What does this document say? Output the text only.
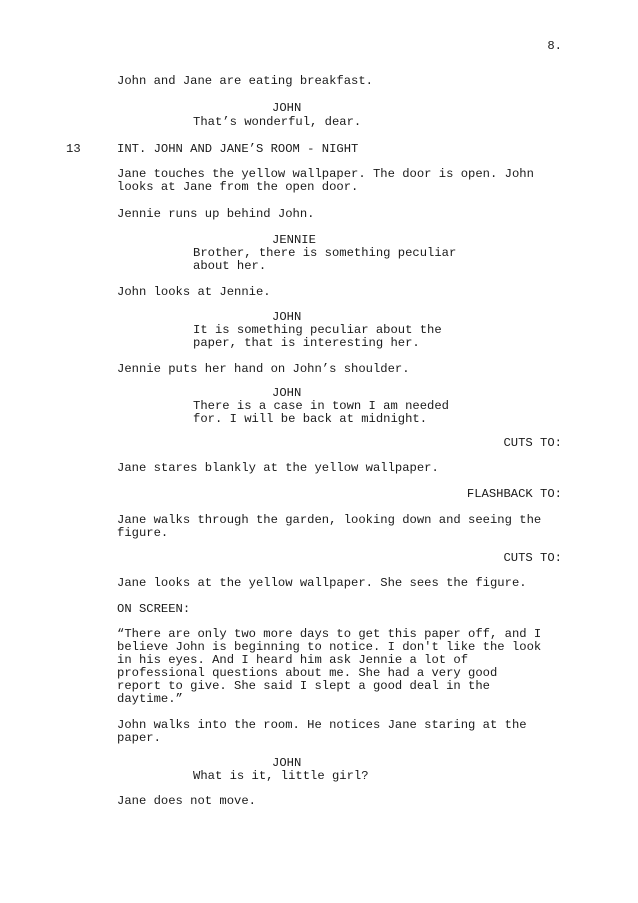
8.
John and Jane are eating breakfast.
JOHN
That’s wonderful, dear.
13	INT. JOHN AND JANE’S ROOM - NIGHT
Jane touches the yellow wallpaper. The door is open. John
looks at Jane from the open door.
Jennie runs up behind John.
JENNIE
Brother, there is something peculiar
about her.
John looks at Jennie.
JOHN
It is something peculiar about the
paper, that is interesting her.
Jennie puts her hand on John’s shoulder.
JOHN
There is a case in town I am needed
for. I will be back at midnight.
CUTS TO:
Jane stares blankly at the yellow wallpaper.
FLASHBACK TO:
Jane walks through the garden, looking down and seeing the
figure.
CUTS TO:
Jane looks at the yellow wallpaper. She sees the figure.
ON SCREEN:
“There are only two more days to get this paper off, and I
believe John is beginning to notice. I don't like the look
in his eyes. And I heard him ask Jennie a lot of
professional questions about me. She had a very good
report to give. She said I slept a good deal in the
daytime.”
John walks into the room. He notices Jane staring at the
paper.
JOHN
What is it, little girl?
Jane does not move.
